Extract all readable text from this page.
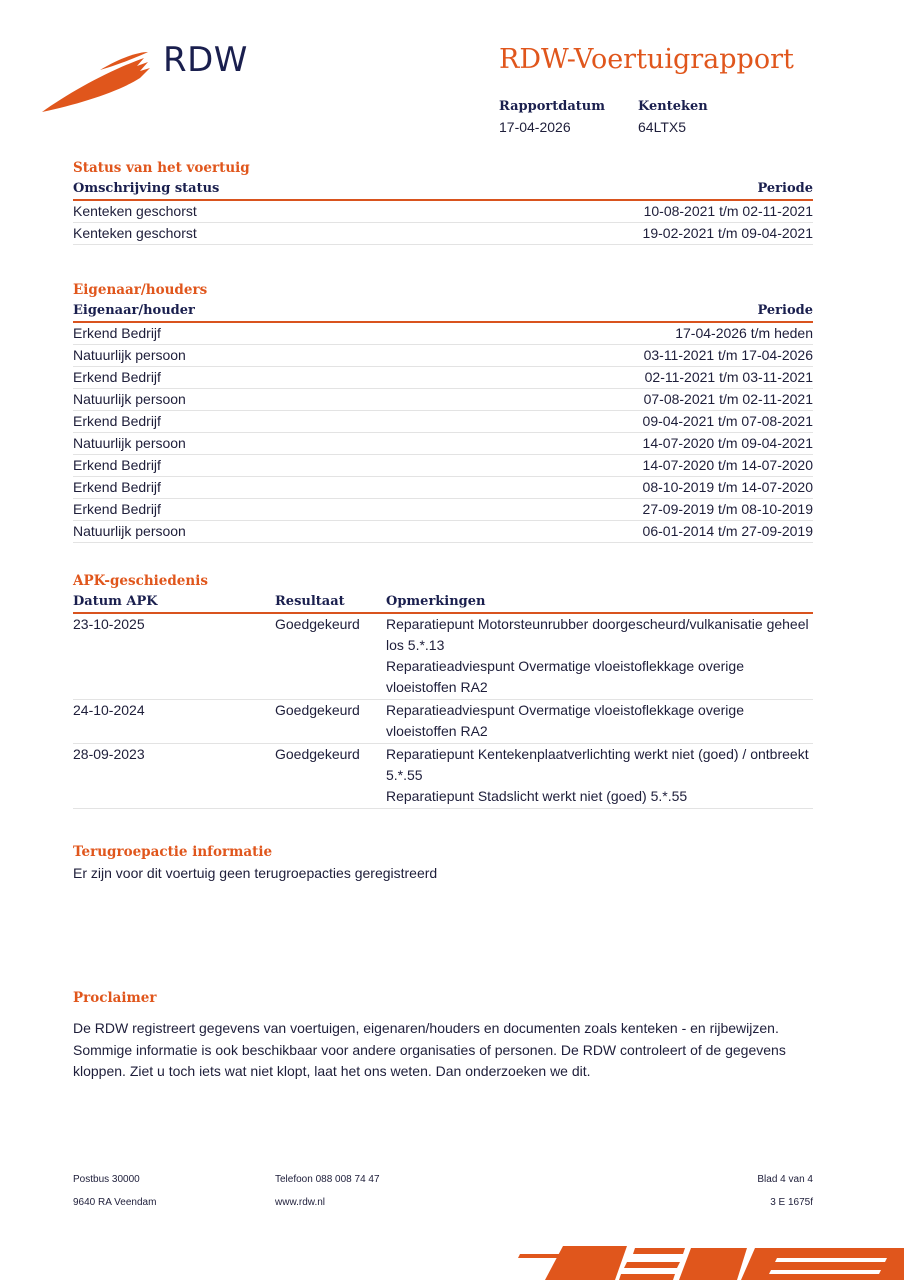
RDW	RDW-Voertuigrapport
Rapportdatum
17-04-2026
Kenteken
64LTX5
Status van het voertuig
Omschrijving status	Periode
Kenteken geschorst	10-08-2021 t/m 02-11-2021
Kenteken geschorst	19-02-2021 t/m 09-04-2021
Eigenaar/houders
Eigenaar/houder	Periode
Erkend Bedrijf	17-04-2026 t/m heden
Natuurlijk persoon	03-11-2021 t/m 17-04-2026
Erkend Bedrijf	02-11-2021 t/m 03-11-2021
Natuurlijk persoon	07-08-2021 t/m 02-11-2021
Erkend Bedrijf	09-04-2021 t/m 07-08-2021
Natuurlijk persoon	14-07-2020 t/m 09-04-2021
Erkend Bedrijf	14-07-2020 t/m 14-07-2020
Erkend Bedrijf	08-10-2019 t/m 14-07-2020
Erkend Bedrijf	27-09-2019 t/m 08-10-2019
Natuurlijk persoon	06-01-2014 t/m 27-09-2019
APK-geschiedenis
Datum APK	Resultaat	Opmerkingen
23-10-2025	Goedgekeurd	Reparatiepunt Motorsteunrubber doorgescheurd/vulkanisatie geheel los 5.*.13
Reparatieadviespunt Overmatige vloeistoflekkage overige vloeistoffen RA2
24-10-2024	Goedgekeurd	Reparatieadviespunt Overmatige vloeistoflekkage overige vloeistoffen RA2
28-09-2023	Goedgekeurd	Reparatiepunt Kentekenplaatverlichting werkt niet (goed) / ontbreekt 5.*.55
Reparatiepunt Stadslicht werkt niet (goed) 5.*.55
Terugroepactie informatie
Er zijn voor dit voertuig geen terugroepacties geregistreerd
Proclaimer
De RDW registreert gegevens van voertuigen, eigenaren/houders en documenten zoals kenteken - en rijbewijzen.
Sommige informatie is ook beschikbaar voor andere organisaties of personen. De RDW controleert of de gegevens
kloppen. Ziet u toch iets wat niet klopt, laat het ons weten. Dan onderzoeken we dit.
Postbus 30000
9640 RA Veendam
Telefoon 088 008 74 47
www.rdw.nl
Blad 4 van 4
3 E 1675f
